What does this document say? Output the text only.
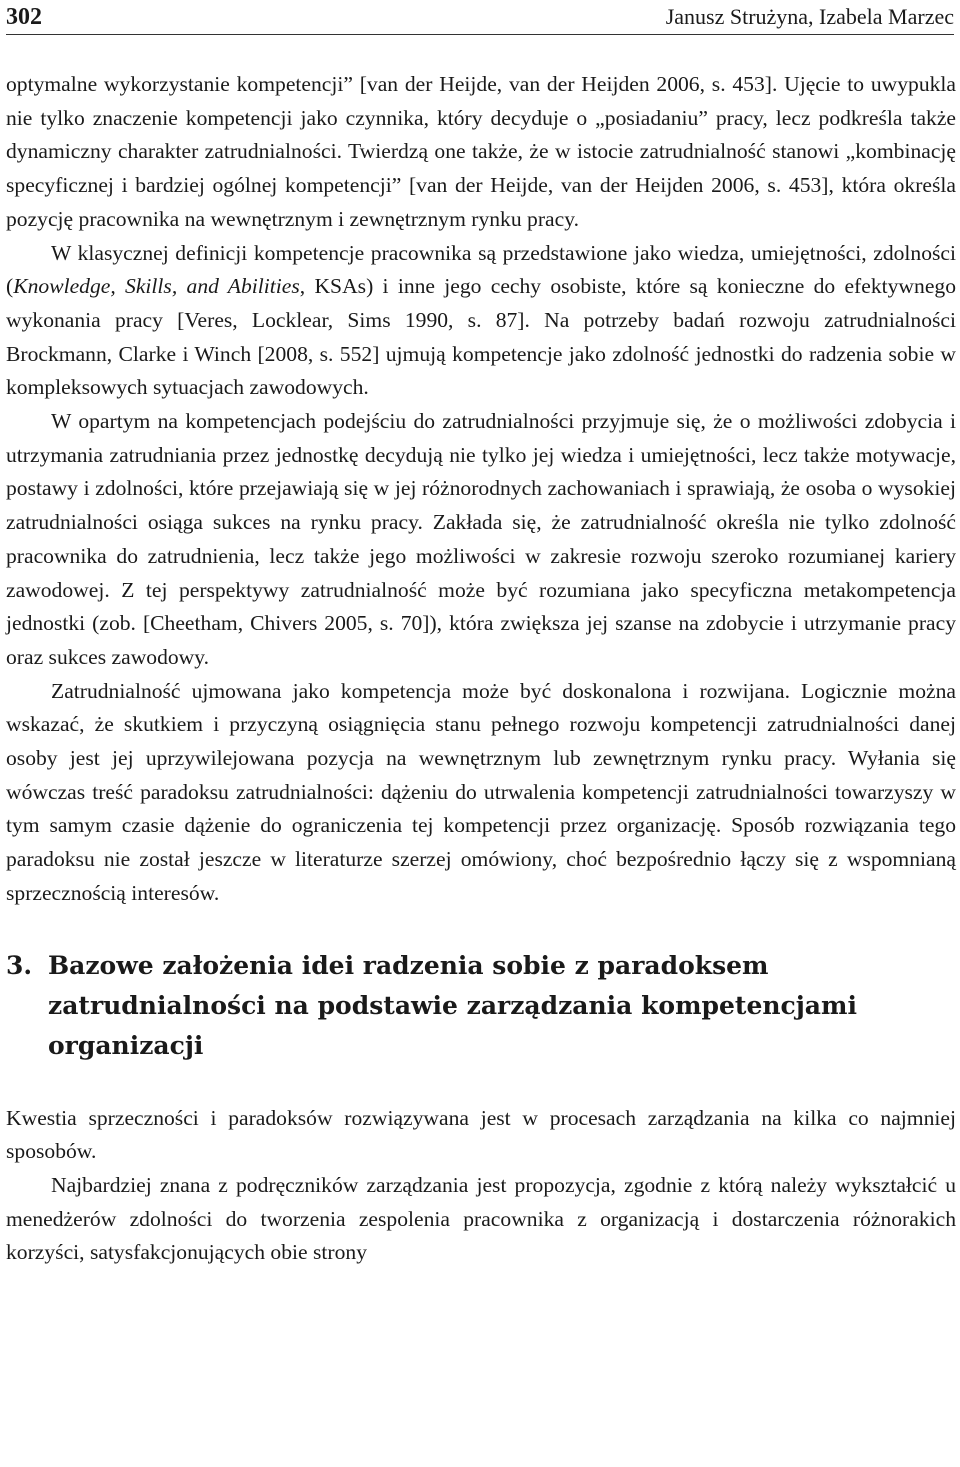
302	Janusz Strużyna, Izabela Marzec

optymalne wykorzystanie kompetencji” [van der Heijde, van der Heijden 2006, s. 453]. Ujęcie to uwypukla nie tylko znaczenie kompetencji jako czynnika, który decyduje o „posiadaniu” pracy, lecz podkreśla także dynamiczny charakter zatrudnialności. Twierdzą one także, że w istocie zatrudnialność stanowi „kombinację specyficznej i bardziej ogólnej kompetencji” [van der Heijde, van der Heijden 2006, s. 453], która określa pozycję pracownika na wewnętrznym i zewnętrznym rynku pracy.

W klasycznej definicji kompetencje pracownika są przedstawione jako wiedza, umiejętności, zdolności (Knowledge, Skills, and Abilities, KSAs) i inne jego cechy osobiste, które są konieczne do efektywnego wykonania pracy [Veres, Locklear, Sims 1990, s. 87]. Na potrzeby badań rozwoju zatrudnialności Brockmann, Clarke i Winch [2008, s. 552] ujmują kompetencje jako zdolność jednostki do radzenia sobie w kompleksowych sytuacjach zawodowych.

W opartym na kompetencjach podejściu do zatrudnialności przyjmuje się, że o możliwości zdobycia i utrzymania zatrudniania przez jednostkę decydują nie tylko jej wiedza i umiejętności, lecz także motywacje, postawy i zdolności, które przejawiają się w jej różnorodnych zachowaniach i sprawiają, że osoba o wysokiej zatrudnialności osiąga sukces na rynku pracy. Zakłada się, że zatrudnialność określa nie tylko zdolność pracownika do zatrudnienia, lecz także jego możliwości w zakresie rozwoju szeroko rozumianej kariery zawodowej. Z tej perspektywy zatrudnialność może być rozumiana jako specyficzna metakompetencja jednostki (zob. [Cheetham, Chivers 2005, s. 70]), która zwiększa jej szanse na zdobycie i utrzymanie pracy oraz sukces zawodowy.

Zatrudnialność ujmowana jako kompetencja może być doskonalona i rozwijana. Logicznie można wskazać, że skutkiem i przyczyną osiągnięcia stanu pełnego rozwoju kompetencji zatrudnialności danej osoby jest jej uprzywilejowana pozycja na wewnętrznym lub zewnętrznym rynku pracy. Wyłania się wówczas treść paradoksu zatrudnialności: dążeniu do utrwalenia kompetencji zatrudnialności towarzyszy w tym samym czasie dążenie do ograniczenia tej kompetencji przez organizację. Sposób rozwiązania tego paradoksu nie został jeszcze w literaturze szerzej omówiony, choć bezpośrednio łączy się z wspomnianą sprzecznością interesów.

3. Bazowe założenia idei radzenia sobie z paradoksem zatrudnialności na podstawie zarządzania kompetencjami organizacji

Kwestia sprzeczności i paradoksów rozwiązywana jest w procesach zarządzania na kilka co najmniej sposobów.

Najbardziej znana z podręczników zarządzania jest propozycja, zgodnie z którą należy wykształcić u menedżerów zdolności do tworzenia zespolenia pracownika z organizacją i dostarczenia różnorakich korzyści, satysfakcjonujących obie strony
